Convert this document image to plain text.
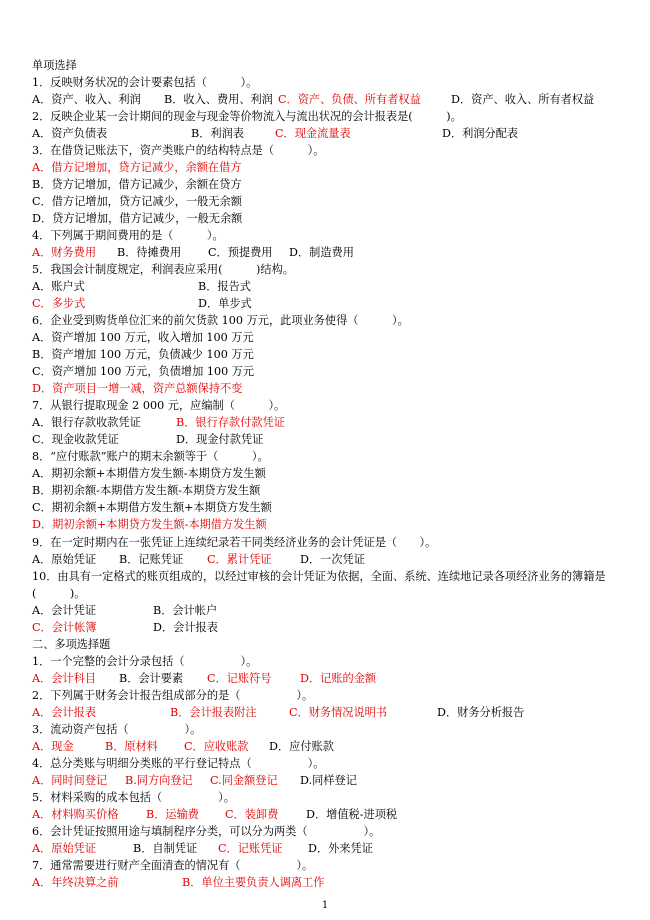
单项选择
1．反映财务状况的会计要素包括（　　　）。
A．资产、收入、利润 B．收入、费用、利润 C．资产、负债、所有者权益	D．资产、收入、所有者权益
2．反映企业某一会计期间的现金与现金等价物流入与流出状况的会计报表是(　　　)。
A．资产负债表	B．利润表	C．现金流量表	D．利润分配表
3．在借贷记账法下，资产类账户的结构特点是（　　　）。
A．借方记增加，贷方记减少，余额在借方
B．贷方记增加，借方记减少，余额在贷方
C．借方记增加，贷方记减少，一般无余额
D．贷方记增加，借方记减少，一般无余额
4．下列属于期间费用的是（　　　）。
A．财务费用 B．待摊费用 C．预提费用 D．制造费用
5．我国会计制度规定，利润表应采用(　　　)结构。
A．账户式	B．报告式
C．多步式	D．单步式
6．企业受到购货单位汇来的前欠货款 100 万元，此项业务使得（　　　）。
A．资产增加 100 万元，收入增加 100 万元
B．资产增加 100 万元，负债减少 100 万元
C．资产增加 100 万元，负债增加 100 万元
D．资产项目一增一减，资产总额保持不变
7．从银行提取现金 2 000 元，应编制（　　　）。
A．银行存款收款凭证	B．银行存款付款凭证
C．现金收款凭证	D．现金付款凭证
8．“应付账款”账户的期末余额等于（　　　）。
A．期初余额+本期借方发生额-本期贷方发生额
B．期初余额-本期借方发生额-本期贷方发生额
C．期初余额+本期借方发生额+本期贷方发生额
D．期初余额+本期贷方发生额-本期借方发生额
9．在一定时期内在一张凭证上连续纪录若干同类经济业务的会计凭证是（　　）。
A．原始凭证 B．记账凭证 C．累计凭证	D．一次凭证
10．由具有一定格式的账页组成的，以经过审核的会计凭证为依据，全面、系统、连续地记录各项经济业务的簿籍是(　　　)。
A．会计凭证	B．会计帐户
C．会计帐簿	D．会计报表
二、多项选择题
1．一个完整的会计分录包括（　　　　　）。
A．会计科目 B．会计要素 C．记账符号	D．记账的金额
2．下列属于财务会计报告组成部分的是（　　　　　）。
A．会计报表	B．会计报表附注	C．财务情况说明书	D．财务分析报告
3．流动资产包括（　　　　　）。
A．现金	B．原材料 C．应收账款 D．应付账款
4．总分类账与明细分类账的平行登记特点（　　　　　）。
A．同时间登记 B.同方向登记 C.同金额登记 D.同样登记
5．材料采购的成本包括（　　　　　）。
A．材料购买价格 B．运输费 C．装卸费 D．增值税-进项税
6．会计凭证按照用途与填制程序分类，可以分为两类（　　　　　）。
A．原始凭证	B．自制凭证 C．记账凭证 D．外来凭证
7．通常需要进行财产全面清查的情况有（　　　　　）。
A．年终决算之前	B．单位主要负责人调离工作
1
